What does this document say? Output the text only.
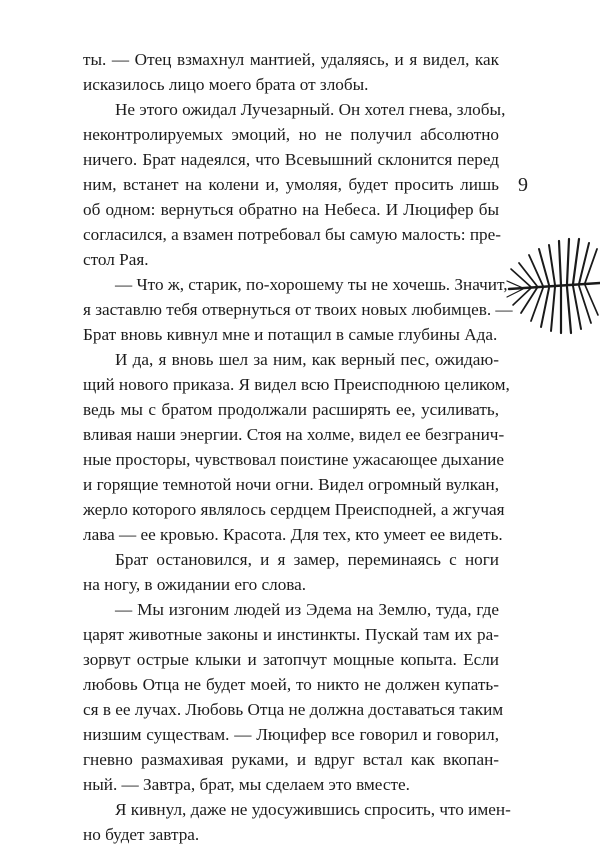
ты. — Отец взмахнул мантией, удаляясь, и я видел, как
исказилось лицо моего брата от злобы.
Не этого ожидал Лучезарный. Он хотел гнева, злобы,
неконтролируемых эмоций, но не получил абсолютно
ничего. Брат надеялся, что Всевышний склонится перед
ним, встанет на колени и, умоляя, будет просить лишь
об одном: вернуться обратно на Небеса. И Люцифер бы
согласился, а взамен потребовал бы самую малость: пре-
стол Рая.
— Что ж, старик, по-хорошему ты не хочешь. Значит,
я заставлю тебя отвернуться от твоих новых любимцев. —
Брат вновь кивнул мне и потащил в самые глубины Ада.
И да, я вновь шел за ним, как верный пес, ожидаю-
щий нового приказа. Я видел всю Преисподнюю целиком,
ведь мы с братом продолжали расширять ее, усиливать,
вливая наши энергии. Стоя на холме, видел ее безгранич-
ные просторы, чувствовал поистине ужасающее дыхание
и горящие темнотой ночи огни. Видел огромный вулкан,
жерло которого являлось сердцем Преисподней, а жгучая
лава — ее кровью. Красота. Для тех, кто умеет ее видеть.
Брат остановился, и я замер, переминаясь с ноги
на ногу, в ожидании его слова.
— Мы изгоним людей из Эдема на Землю, туда, где
царят животные законы и инстинкты. Пускай там их ра-
зорвут острые клыки и затопчут мощные копыта. Если
любовь Отца не будет моей, то никто не должен купать-
ся в ее лучах. Любовь Отца не должна доставаться таким
низшим существам. — Люцифер все говорил и говорил,
гневно размахивая руками, и вдруг встал как вкопан-
ный. — Завтра, брат, мы сделаем это вместе.
Я кивнул, даже не удосужившись спросить, что имен-
но будет завтра.
9
